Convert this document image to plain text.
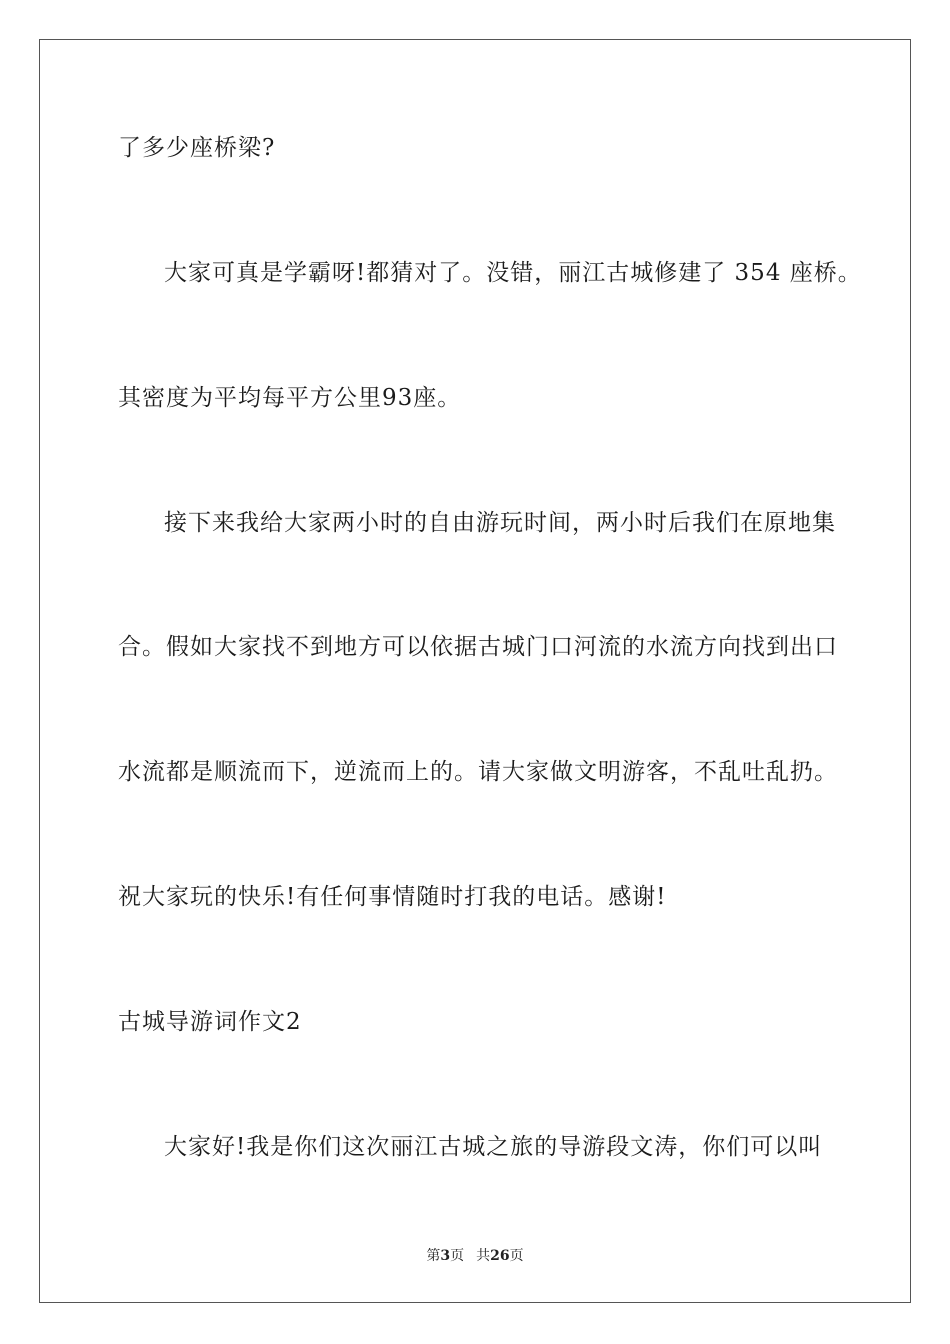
了多少座桥梁?
大家可真是学霸呀!都猜对了。没错，丽江古城修建了 354 座桥。
其密度为平均每平方公里93座。
接下来我给大家两小时的自由游玩时间，两小时后我们在原地集
合。假如大家找不到地方可以依据古城门口河流的水流方向找到出口
水流都是顺流而下，逆流而上的。请大家做文明游客，不乱吐乱扔。
祝大家玩的快乐!有任何事情随时打我的电话。感谢!
古城导游词作文2
大家好!我是你们这次丽江古城之旅的导游段文涛，你们可以叫
第3页 共26页
